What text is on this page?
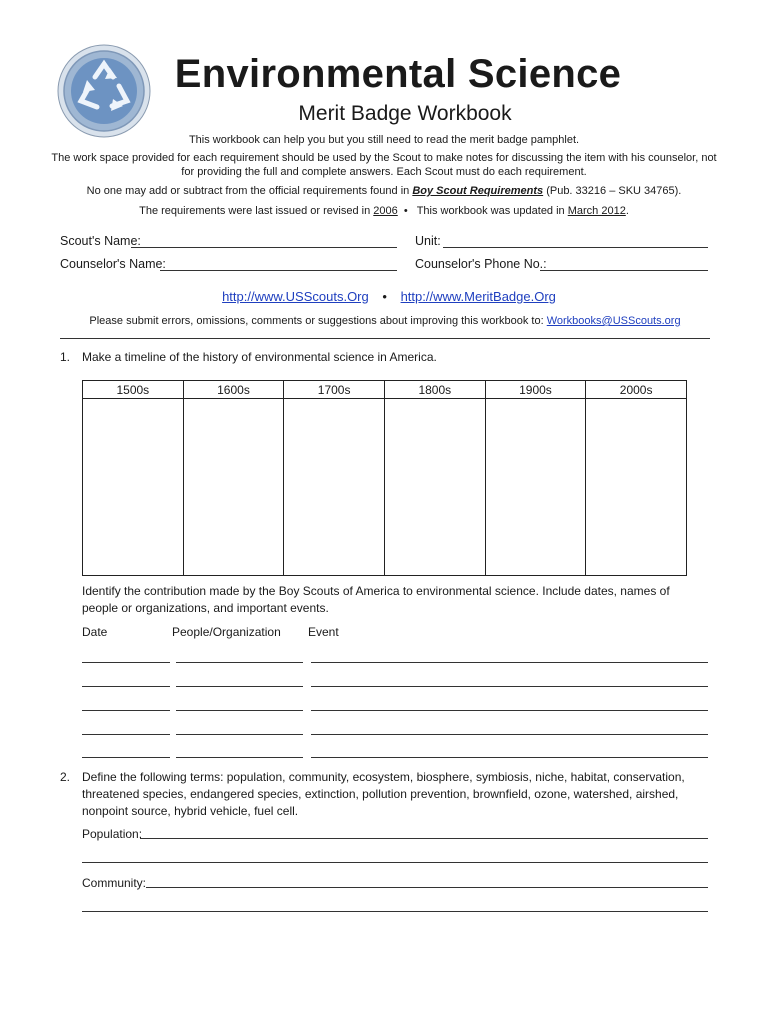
Environmental Science
Merit Badge Workbook
This workbook can help you but you still need to read the merit badge pamphlet.
The work space provided for each requirement should be used by the Scout to make notes for discussing the item with his counselor, not for providing the full and complete answers. Each Scout must do each requirement.
No one may add or subtract from the official requirements found in Boy Scout Requirements (Pub. 33216 – SKU 34765).
The requirements were last issued or revised in 2006  •   This workbook was updated in March 2012.
Scout's Name:	Unit:
Counselor's Name:	Counselor's Phone No.:
http://www.USScouts.Org • http://www.MeritBadge.Org
Please submit errors, omissions, comments or suggestions about improving this workbook to: Workbooks@USScouts.org
1. Make a timeline of the history of environmental science in America.
1500s	1600s	1700s	1800s	1900s	2000s

Identify the contribution made by the Boy Scouts of America to environmental science. Include dates, names of people or organizations, and important events.
Date	People/Organization Event
2. Define the following terms: population, community, ecosystem, biosphere, symbiosis, niche, habitat, conservation, threatened species, endangered species, extinction, pollution prevention, brownfield, ozone, watershed, airshed, nonpoint source, hybrid vehicle, fuel cell.
Population:
Community:
